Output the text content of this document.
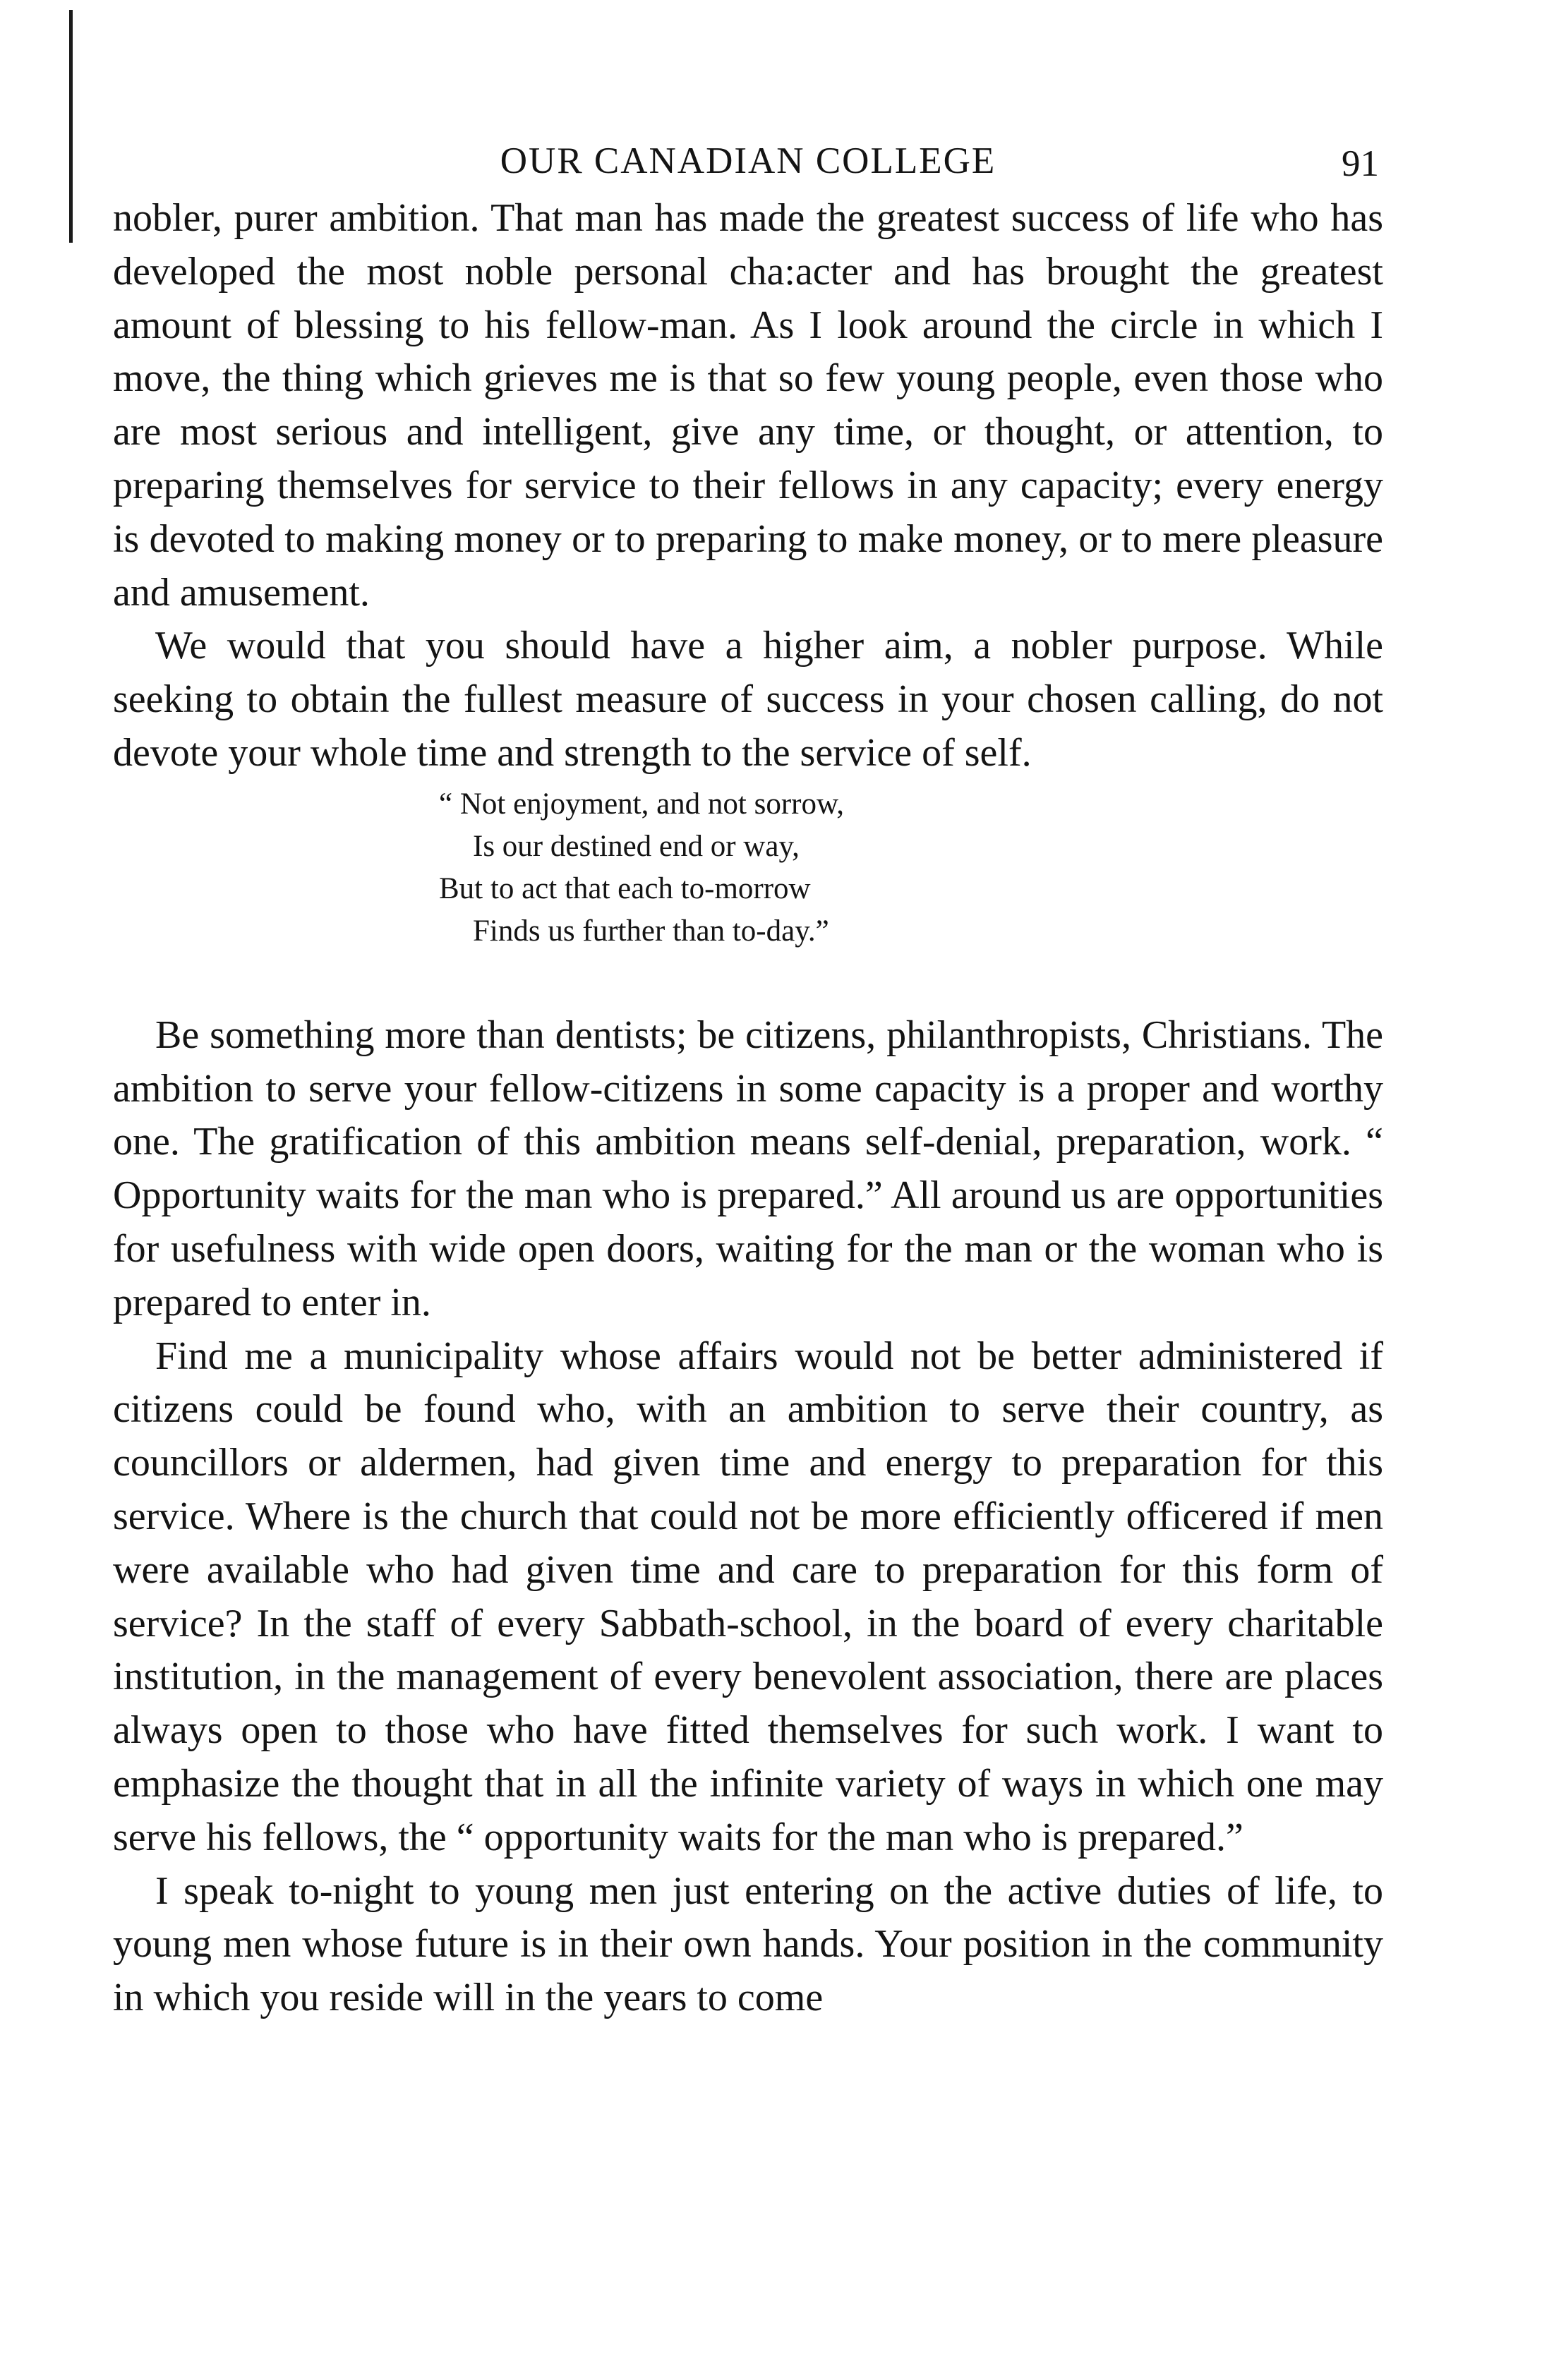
OUR CANADIAN COLLEGE	91

nobler, purer ambition. That man has made the greatest success of life who has developed the most noble personal cha:acter and has brought the greatest amount of blessing to his fellow-man. As I look around the circle in which I move, the thing which grieves me is that so few young people, even those who are most serious and intelligent, give any time, or thought, or attention, to preparing themselves for service to their fellows in any capacity; every energy is devoted to making money or to preparing to make money, or to mere pleasure and amusement.

We would that you should have a higher aim, a nobler purpose. While seeking to obtain the fullest measure of success in your chosen calling, do not devote your whole time and strength to the service of self.

“ Not enjoyment, and not sorrow,
Is our destined end or way,
But to act that each to-morrow
Finds us further than to-day.”

Be something more than dentists; be citizens, philanthropists, Christians. The ambition to serve your fellow-citizens in some capacity is a proper and worthy one. The gratification of this ambition means self-denial, preparation, work. “ Opportunity waits for the man who is prepared.” All around us are opportunities for usefulness with wide open doors, waiting for the man or the woman who is prepared to enter in.

Find me a municipality whose affairs would not be better administered if citizens could be found who, with an ambition to serve their country, as councillors or aldermen, had given time and energy to preparation for this service. Where is the church that could not be more efficiently officered if men were available who had given time and care to preparation for this form of service? In the staff of every Sabbath-school, in the board of every charitable institution, in the management of every benevolent association, there are places always open to those who have fitted themselves for such work. I want to emphasize the thought that in all the infinite variety of ways in which one may serve his fellows, the “ opportunity waits for the man who is prepared.”

I speak to-night to young men just entering on the active duties of life, to young men whose future is in their own hands. Your position in the community in which you reside will in the years to come
